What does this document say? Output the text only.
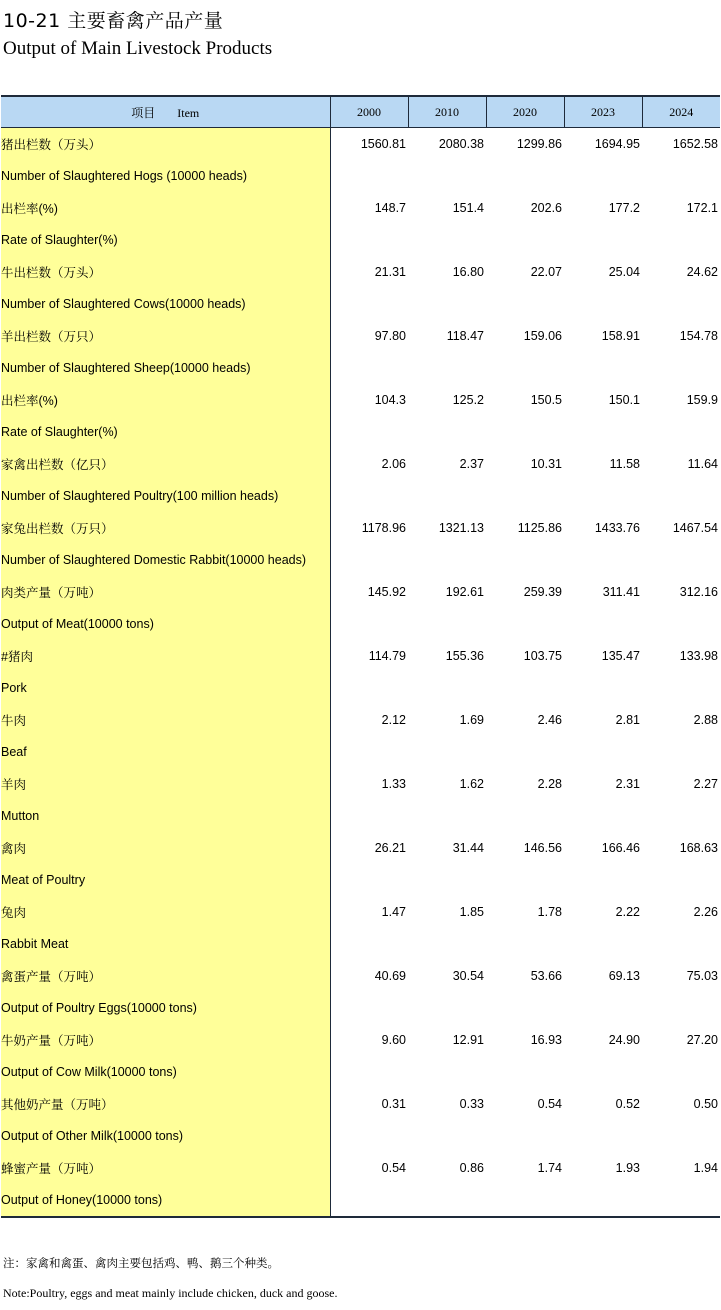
10-21 主要畜禽产品产量
Output of Main Livestock Products
项目 Item	2000	2010	2020	2023	2024
猪出栏数（万头）	1560.81	2080.38	1299.86	1694.95	1652.58
Number of Slaughtered Hogs (10000 heads)					
出栏率(%)	148.7	151.4	202.6	177.2	172.1
Rate of Slaughter(%)					
牛出栏数（万头）	21.31	16.80	22.07	25.04	24.62
Number of Slaughtered Cows(10000 heads)					
羊出栏数（万只）	97.80	118.47	159.06	158.91	154.78
Number of Slaughtered Sheep(10000 heads)					
出栏率(%)	104.3	125.2	150.5	150.1	159.9
Rate of Slaughter(%)					
家禽出栏数（亿只）	2.06	2.37	10.31	11.58	11.64
Number of Slaughtered Poultry(100 million heads)					
家兔出栏数（万只）	1178.96	1321.13	1125.86	1433.76	1467.54
Number of Slaughtered Domestic Rabbit(10000 heads)					
肉类产量（万吨）	145.92	192.61	259.39	311.41	312.16
Output of Meat(10000 tons)					
#猪肉	114.79	155.36	103.75	135.47	133.98
Pork					
牛肉	2.12	1.69	2.46	2.81	2.88
Beaf					
羊肉	1.33	1.62	2.28	2.31	2.27
Mutton					
禽肉	26.21	31.44	146.56	166.46	168.63
Meat of Poultry					
兔肉	1.47	1.85	1.78	2.22	2.26
Rabbit Meat					
禽蛋产量（万吨）	40.69	30.54	53.66	69.13	75.03
Output of Poultry Eggs(10000 tons)					
牛奶产量（万吨）	9.60	12.91	16.93	24.90	27.20
Output of Cow Milk(10000 tons)					
其他奶产量（万吨）	0.31	0.33	0.54	0.52	0.50
Output of Other Milk(10000 tons)					
蜂蜜产量（万吨）	0.54	0.86	1.74	1.93	1.94
Output of Honey(10000 tons)					
注：家禽和禽蛋、禽肉主要包括鸡、鸭、鹅三个种类。
Note:Poultry, eggs and meat mainly include chicken, duck and goose.
